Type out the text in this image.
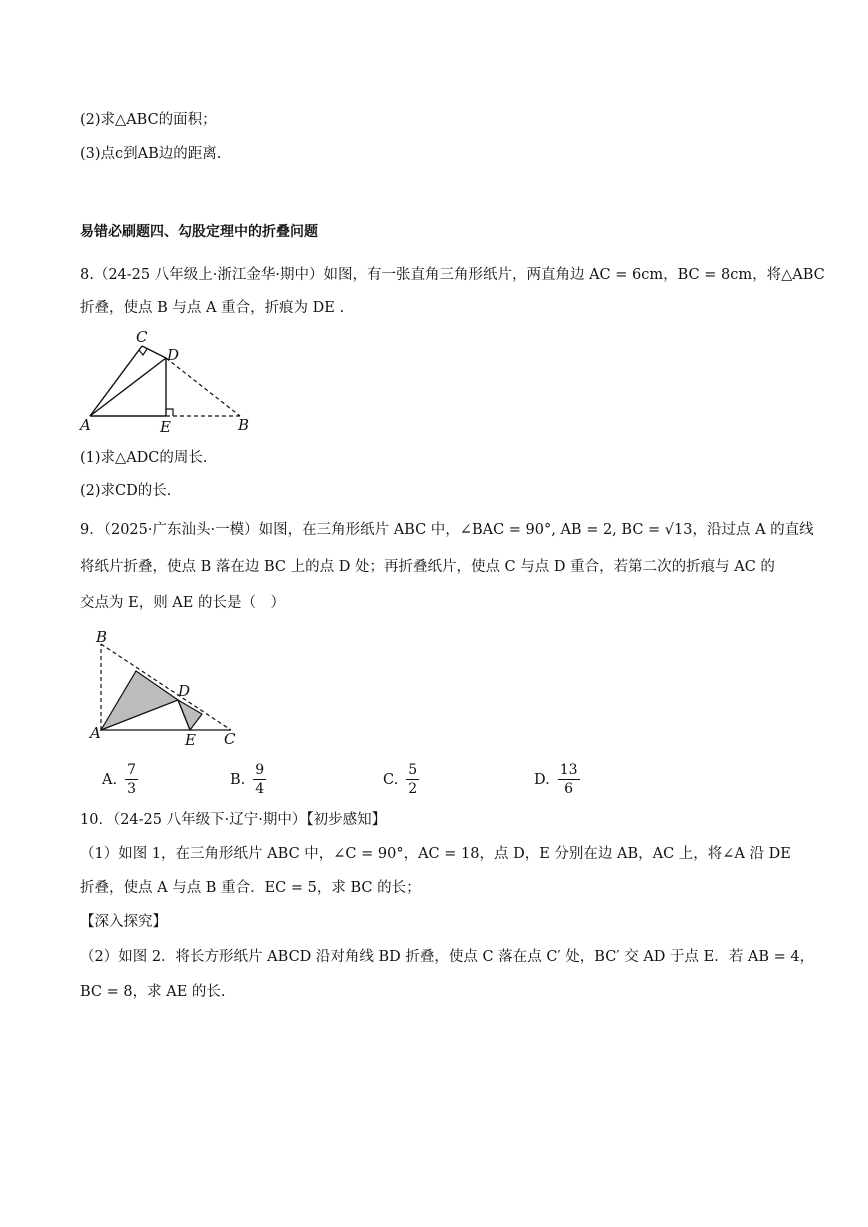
(2)求△ABC的面积；
(3)点c到AB边的距离.
易错必刷题四、勾股定理中的折叠问题
8.（24-25 八年级上·浙江金华·期中）如图，有一张直角三角形纸片，两直角边 AC = 6cm，BC = 8cm，将△ABC
折叠，使点 B 与点 A 重合，折痕为 DE .
C
D
A	E	B
(1)求△ADC的周长.
(2)求CD的长.
9．（2025·广东汕头·一模）如图，在三角形纸片 ABC 中，∠BAC = 90°, AB = 2, BC = √13，沿过点 A 的直线
将纸片折叠，使点 B 落在边 BC 上的点 D 处；再折叠纸片，使点 C 与点 D 重合，若第二次的折痕与 AC 的
交点为 E，则 AE 的长是（　）
B
D
A	E C
A. $\frac{7}{3}$	B. $\frac{9}{4}$	C. $\frac{5}{2}$	D. $\frac{13}{6}$
10．（24-25 八年级下·辽宁·期中）【初步感知】
（1）如图 1，在三角形纸片 ABC 中，∠C = 90°，AC = 18，点 D，E 分别在边 AB，AC 上，将∠A 沿 DE
折叠，使点 A 与点 B 重合．EC = 5，求 BC 的长；
【深入探究】
（2）如图 2．将长方形纸片 ABCD 沿对角线 BD 折叠，使点 C 落在点 C′ 处，BC′ 交 AD 于点 E．若 AB = 4，
BC = 8，求 AE 的长.
